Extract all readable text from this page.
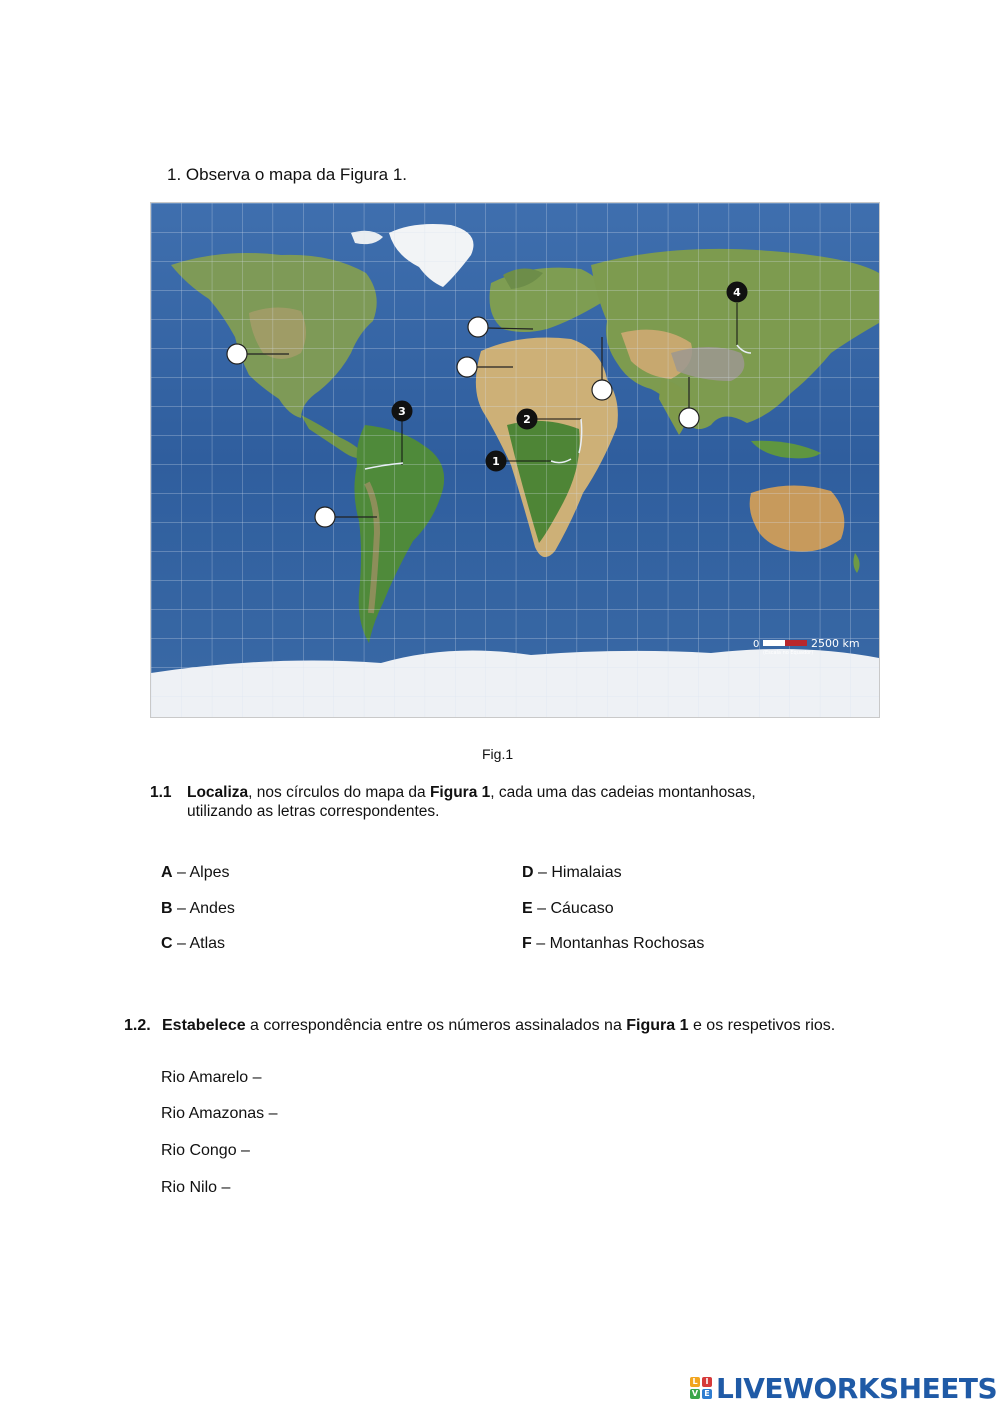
1. Observa o mapa da Figura 1.
1
2
3
4
0	2500 km
(Escala no Equador)
Fig.1
1.1 Localiza, nos círculos do mapa da Figura 1, cada uma das cadeias montanhosas,
utilizando as letras correspondentes.
A – Alpes
B – Andes
C – Atlas
D – Himalaias
E – Cáucaso
F – Montanhas Rochosas
1.2. Estabelece a correspondência entre os números assinalados na Figura 1 e os respetivos rios.
Rio Amarelo –
Rio Amazonas –
Rio Congo –
Rio Nilo –
L I
V E LIVEWORKSHEETS
